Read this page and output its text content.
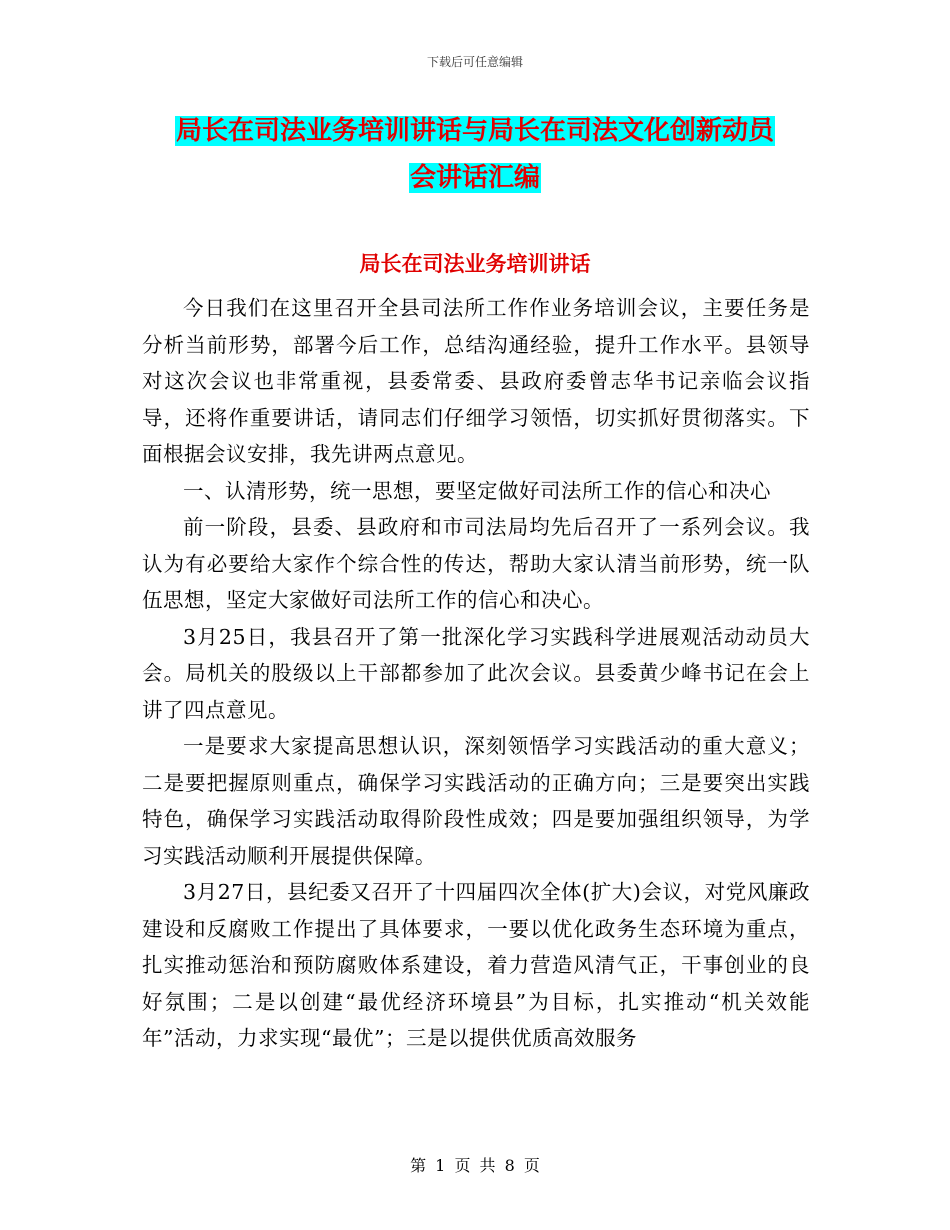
下载后可任意编辑
局长在司法业务培训讲话与局长在司法文化创新动员
会讲话汇编
局长在司法业务培训讲话

今日我们在这里召开全县司法所工作作业务培训会议，主要任务是分析当前形势，部署今后工作，总结沟通经验，提升工作水平。县领导对这次会议也非常重视，县委常委、县政府委曾志华书记亲临会议指导，还将作重要讲话，请同志们仔细学习领悟，切实抓好贯彻落实。下面根据会议安排，我先讲两点意见。

一、认清形势，统一思想，要坚定做好司法所工作的信心和决心

前一阶段，县委、县政府和市司法局均先后召开了一系列会议。我认为有必要给大家作个综合性的传达，帮助大家认清当前形势，统一队伍思想，坚定大家做好司法所工作的信心和决心。

3月25日，我县召开了第一批深化学习实践科学进展观活动动员大会。局机关的股级以上干部都参加了此次会议。县委黄少峰书记在会上讲了四点意见。

一是要求大家提高思想认识，深刻领悟学习实践活动的重大意义；二是要把握原则重点，确保学习实践活动的正确方向；三是要突出实践特色，确保学习实践活动取得阶段性成效；四是要加强组织领导，为学习实践活动顺利开展提供保障。

3月27日，县纪委又召开了十四届四次全体(扩大)会议，对党风廉政建设和反腐败工作提出了具体要求，一要以优化政务生态环境为重点，扎实推动惩治和预防腐败体系建设，着力营造风清气正，干事创业的良好氛围；二是以创建“最优经济环境县”为目标，扎实推动“机关效能年”活动，力求实现“最优”；三是以提供优质高效服务

第 1 页 共 8 页
